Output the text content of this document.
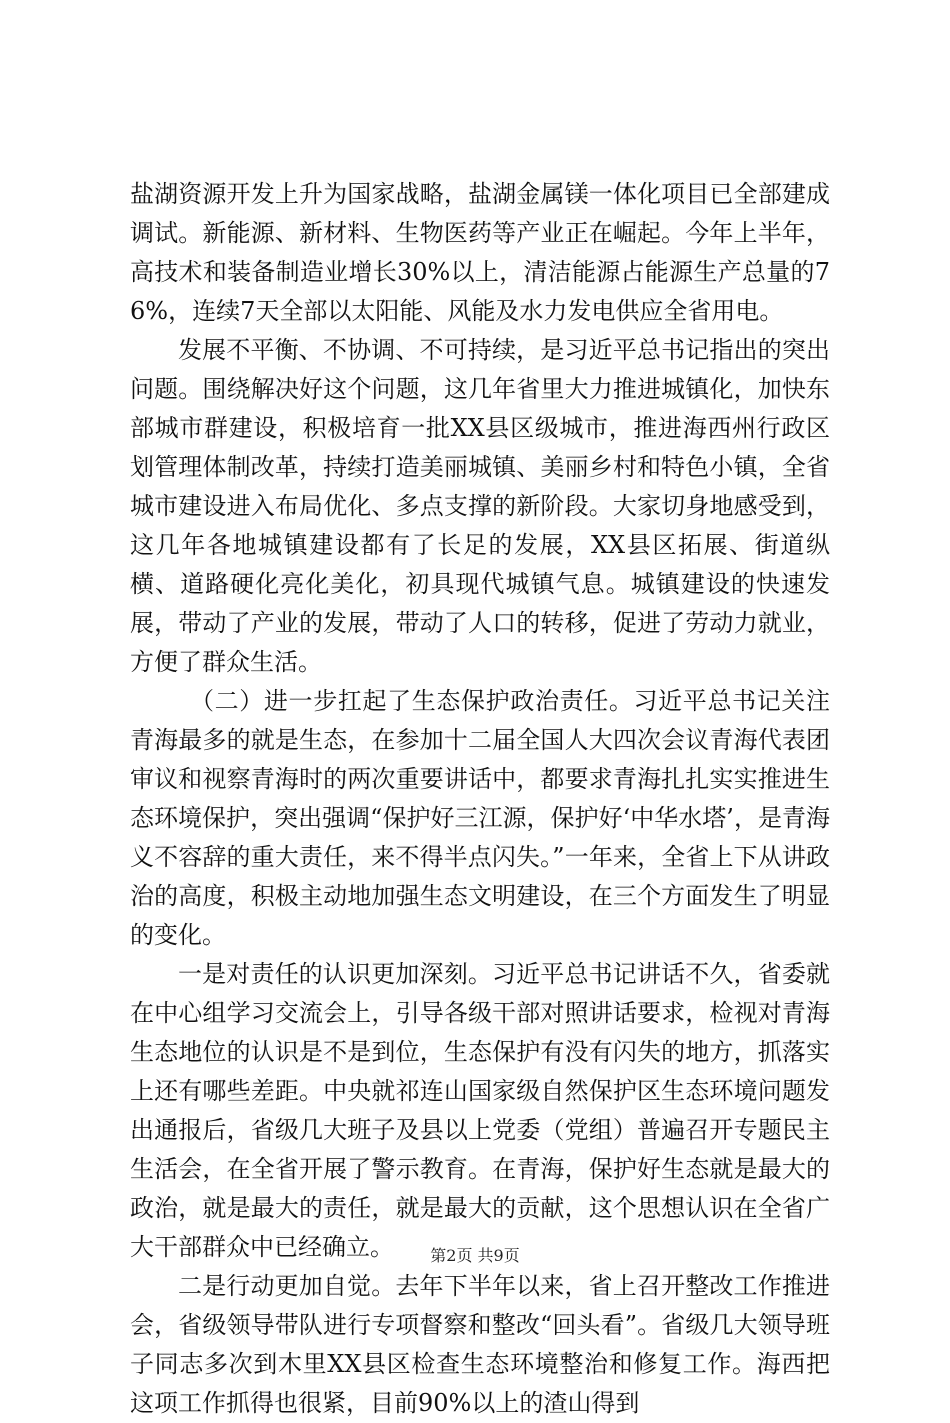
盐湖资源开发上升为国家战略，盐湖金属镁一体化项目已全部建成调试。新能源、新材料、生物医药等产业正在崛起。今年上半年，高技术和装备制造业增长30%以上，清洁能源占能源生产总量的76%，连续7天全部以太阳能、风能及水力发电供应全省用电。

发展不平衡、不协调、不可持续，是习近平总书记指出的突出问题。围绕解决好这个问题，这几年省里大力推进城镇化，加快东部城市群建设，积极培育一批XX县区级城市，推进海西州行政区划管理体制改革，持续打造美丽城镇、美丽乡村和特色小镇，全省城市建设进入布局优化、多点支撑的新阶段。大家切身地感受到，这几年各地城镇建设都有了长足的发展，XX县区拓展、街道纵横、道路硬化亮化美化，初具现代城镇气息。城镇建设的快速发展，带动了产业的发展，带动了人口的转移，促进了劳动力就业，方便了群众生活。

（二）进一步扛起了生态保护政治责任。习近平总书记关注青海最多的就是生态，在参加十二届全国人大四次会议青海代表团审议和视察青海时的两次重要讲话中，都要求青海扎扎实实推进生态环境保护，突出强调“保护好三江源，保护好‘中华水塔’，是青海义不容辞的重大责任，来不得半点闪失。”一年来，全省上下从讲政治的高度，积极主动地加强生态文明建设，在三个方面发生了明显的变化。

一是对责任的认识更加深刻。习近平总书记讲话不久，省委就在中心组学习交流会上，引导各级干部对照讲话要求，检视对青海生态地位的认识是不是到位，生态保护有没有闪失的地方，抓落实上还有哪些差距。中央就祁连山国家级自然保护区生态环境问题发出通报后，省级几大班子及县以上党委（党组）普遍召开专题民主生活会，在全省开展了警示教育。在青海，保护好生态就是最大的政治，就是最大的责任，就是最大的贡献，这个思想认识在全省广大干部群众中已经确立。

二是行动更加自觉。去年下半年以来，省上召开整改工作推进会，省级领导带队进行专项督察和整改“回头看”。省级几大领导班子同志多次到木里XX县区检查生态环境整治和修复工作。海西把这项工作抓得也很紧，目前90%以上的渣山得到

第2页 共9页
